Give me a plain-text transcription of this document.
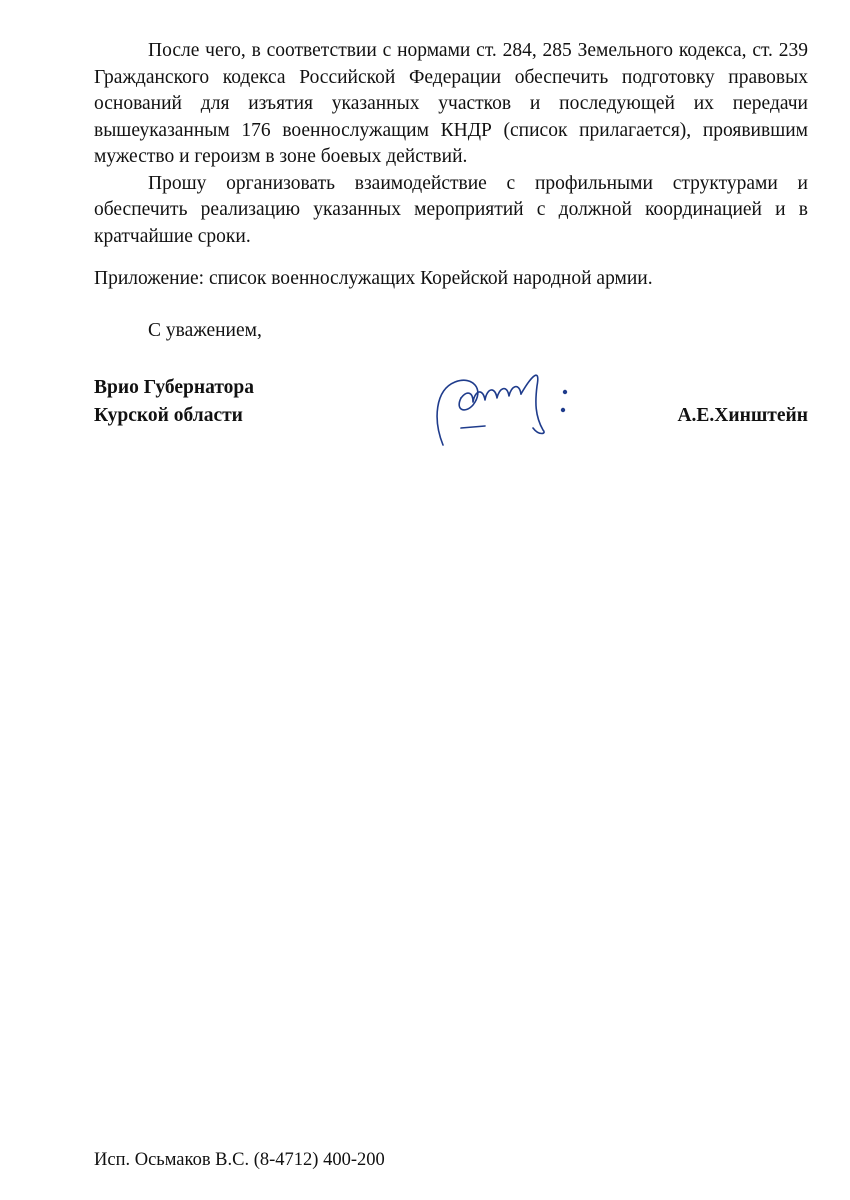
После чего, в соответствии с нормами ст. 284, 285 Земельного кодекса, ст. 239 Гражданского кодекса Российской Федерации обеспечить подготовку правовых оснований для изъятия указанных участков и последующей их передачи вышеуказанным 176 военнослужащим КНДР (список прилагается), проявившим мужество и героизм в зоне боевых действий.

Прошу организовать взаимодействие с профильными структурами и обеспечить реализацию указанных мероприятий с должной координацией и в кратчайшие сроки.

Приложение: список военнослужащих Корейской народной армии.
С уважением,
Врио Губернатора
Курской области	А.Е.Хинштейн
Исп. Осьмаков В.С. (8-4712) 400-200
